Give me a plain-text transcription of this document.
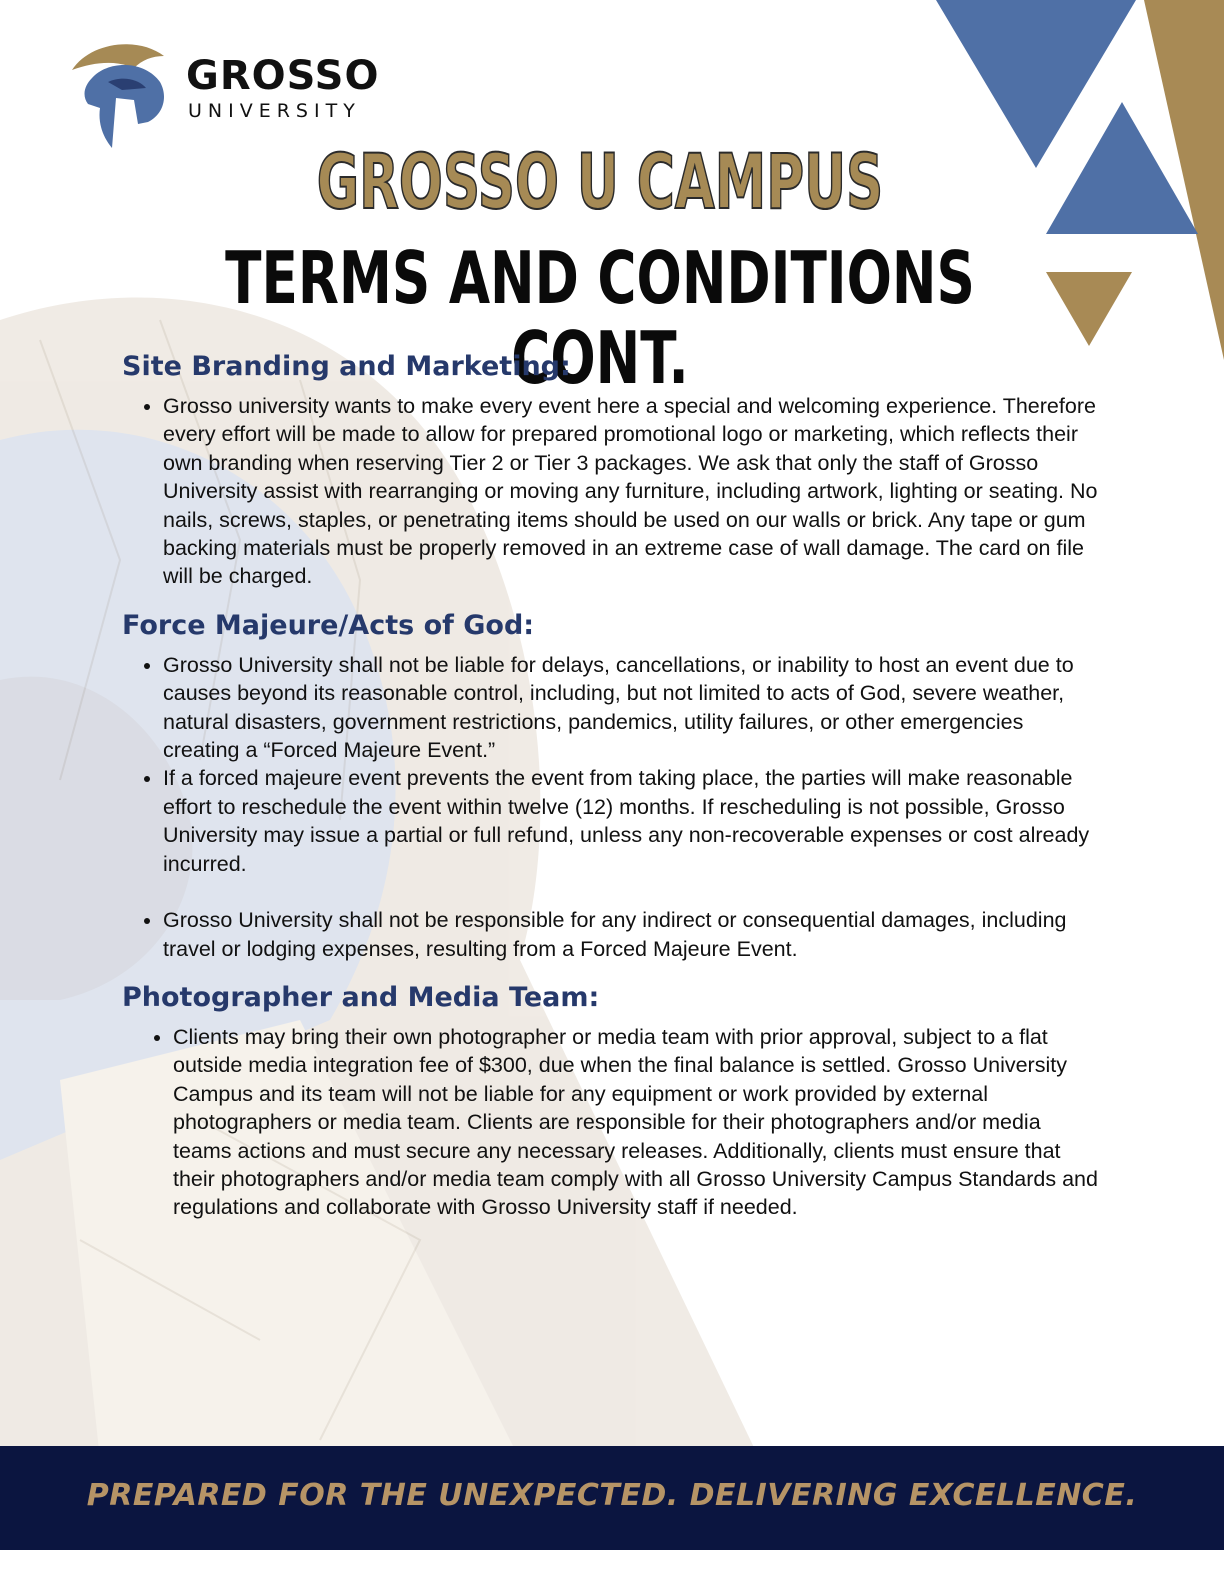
GROSSO
UNIVERSITY
GROSSO U CAMPUS
TERMS AND CONDITIONS CONT.
Site Branding and Marketing:
• Grosso university wants to make every event here a special and welcoming experience. Therefore every effort will be made to allow for prepared promotional logo or marketing, which reflects their own branding when reserving Tier 2 or Tier 3 packages. We ask that only the staff of Grosso University assist with rearranging or moving any furniture, including artwork, lighting or seating. No nails, screws, staples, or penetrating items should be used on our walls or brick. Any tape or gum backing materials must be properly removed in an extreme case of wall damage. The card on file will be charged.
Force Majeure/Acts of God:
• Grosso University shall not be liable for delays, cancellations, or inability to host an event due to causes beyond its reasonable control, including, but not limited to acts of God, severe weather, natural disasters, government restrictions, pandemics, utility failures, or other emergencies creating a “Forced Majeure Event.”
• If a forced majeure event prevents the event from taking place, the parties will make reasonable effort to reschedule the event within twelve (12) months. If rescheduling is not possible, Grosso University may issue a partial or full refund, unless any non-recoverable expenses or cost already incurred.
• Grosso University shall not be responsible for any indirect or consequential damages, including travel or lodging expenses, resulting from a Forced Majeure Event.
Photographer and Media Team:
• Clients may bring their own photographer or media team with prior approval, subject to a flat outside media integration fee of $300, due when the final balance is settled. Grosso University Campus and its team will not be liable for any equipment or work provided by external photographers or media team. Clients are responsible for their photographers and/or media teams actions and must secure any necessary releases. Additionally, clients must ensure that their photographers and/or media team comply with all Grosso University Campus Standards and regulations and collaborate with Grosso University staff if needed.
PREPARED FOR THE UNEXPECTED. DELIVERING EXCELLENCE.
